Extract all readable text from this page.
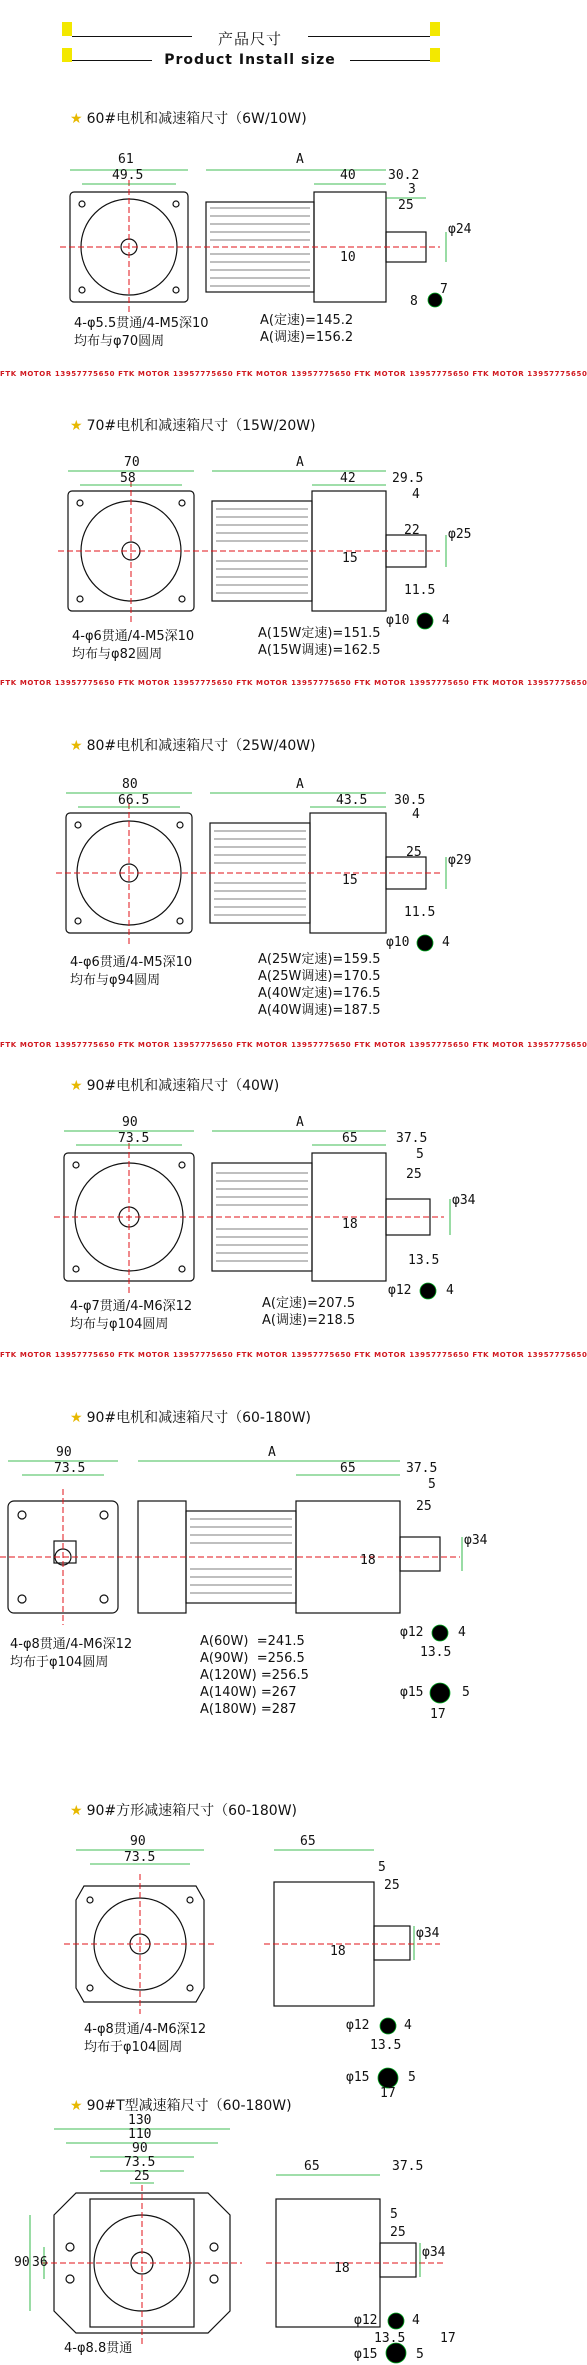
产品尺寸
Product Install size
★ 60#电机和减速箱尺寸（6W/10W)
61
49.5
A
40 30.2
3
25
φ24
10
7
8
4-φ5.5贯通/4-M5深10
均布与φ70圆周
A(定速)=145.2
A(调速)=156.2
FTK MOTOR 13957775650 FTK MOTOR 13957775650 FTK MOTOR 13957775650 FTK MOTOR 13957775650 FTK MOTOR 13957775650
★ 70#电机和减速箱尺寸（15W/20W)
70
58
A
42	29.5
4
22 φ25
15
11.5
φ10	4
4-φ6贯通/4-M5深10
均布与φ82圆周
A(15W定速)=151.5
A(15W调速)=162.5
FTK MOTOR 13957775650 FTK MOTOR 13957775650 FTK MOTOR 13957775650 FTK MOTOR 13957775650 FTK MOTOR 13957775650
★ 80#电机和减速箱尺寸（25W/40W)
80
66.5
A
43.5 30.5
4
25
φ29
15
11.5
φ10	4
4-φ6贯通/4-M5深10
均布与φ94圆周
A(25W定速)=159.5
A(25W调速)=170.5
A(40W定速)=176.5
A(40W调速)=187.5
FTK MOTOR 13957775650 FTK MOTOR 13957775650 FTK MOTOR 13957775650 FTK MOTOR 13957775650 FTK MOTOR 13957775650
★ 90#电机和减速箱尺寸（40W)
90
73.5
A
65	37.5
5
25
φ34
18
13.5
φ12	4
4-φ7贯通/4-M6深12
均布与φ104圆周
A(定速)=207.5
A(调速)=218.5
FTK MOTOR 13957775650 FTK MOTOR 13957775650 FTK MOTOR 13957775650 FTK MOTOR 13957775650 FTK MOTOR 13957775650
★ 90#电机和减速箱尺寸（60-180W)
90
73.5
A
65	37.5
5
25
φ34
18
φ12	4
13.5
φ15	5
17
4-φ8贯通/4-M6深12
均布于φ104圆周
A(60W)  =241.5
A(90W)  =256.5
A(120W) =256.5
A(140W) =267
A(180W) =287
★ 90#方形减速箱尺寸（60-180W)
90
73.5
65
5
25
φ34
18
φ12	4
13.5
φ15	5
17
4-φ8贯通/4-M6深12
均布于φ104圆周
★ 90#T型减速箱尺寸（60-180W)
130
110
90
73.5
25
90 36
65	37.5
5
25
φ34
18
φ12	4
13.5
φ15	5
17
4-φ8.8贯通
